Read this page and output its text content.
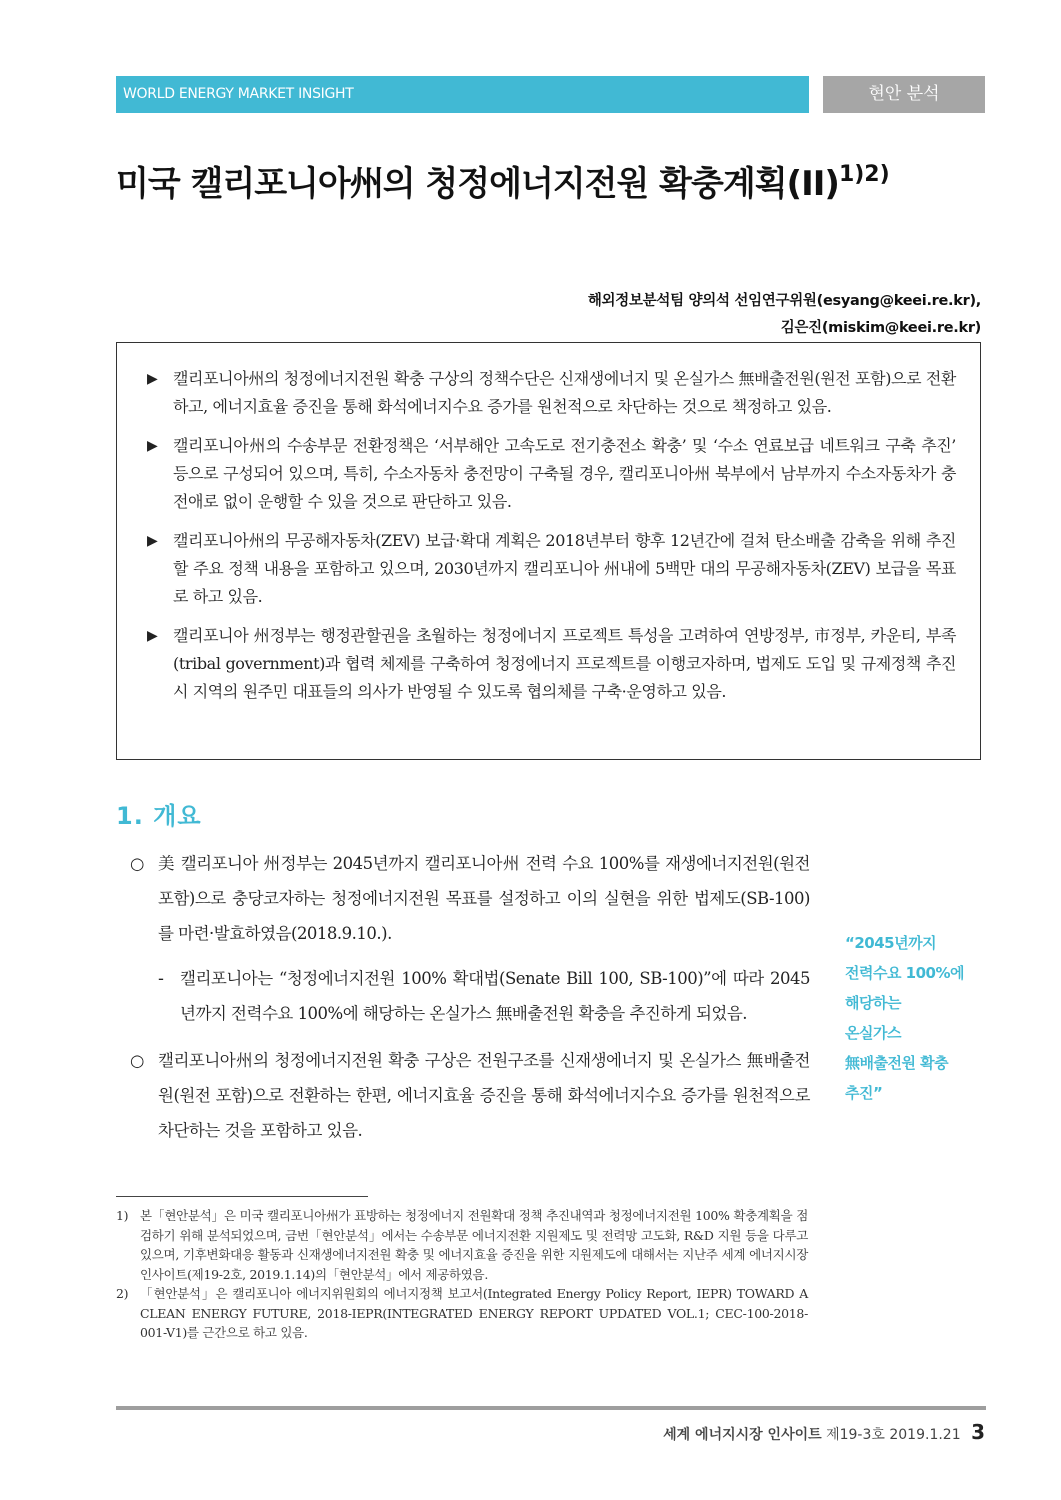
WORLD ENERGY MARKET INSIGHT	현안 분석
미국 캘리포니아州의 청정에너지전원 확충계획(II)$^{1)2)}$
해외정보분석팀 양의석 선임연구위원(esyang@keei.re.kr),
김은진(miskim@keei.re.kr)
▶ 캘리포니아州의 청정에너지전원 확충 구상의 정책수단은 신재생에너지 및 온실가스 無배출전원(원전 포함)으로 전환하고, 에너지효율 증진을 통해 화석에너지수요 증가를 원천적으로 차단하는 것으로 책정하고 있음.
▶ 캘리포니아州의 수송부문 전환정책은 ‘서부해안 고속도로 전기충전소 확충’ 및 ‘수소 연료보급 네트워크 구축 추진’ 등으로 구성되어 있으며, 특히, 수소자동차 충전망이 구축될 경우, 캘리포니아州 북부에서 남부까지 수소자동차가 충전애로 없이 운행할 수 있을 것으로 판단하고 있음.
▶ 캘리포니아州의 무공해자동차(ZEV) 보급·확대 계획은 2018년부터 향후 12년간에 걸쳐 탄소배출 감축을 위해 추진할 주요 정책 내용을 포함하고 있으며, 2030년까지 캘리포니아 州내에 5백만 대의 무공해자동차(ZEV) 보급을 목표로 하고 있음.
▶ 캘리포니아 州정부는 행정관할권을 초월하는 청정에너지 프로젝트 특성을 고려하여 연방정부, 市정부, 카운티, 부족(tribal government)과 협력 체제를 구축하여 청정에너지 프로젝트를 이행코자하며, 법제도 도입 및 규제정책 추진 시 지역의 원주민 대표들의 의사가 반영될 수 있도록 협의체를 구축·운영하고 있음.
1. 개요
○ 美 캘리포니아 州정부는 2045년까지 캘리포니아州 전력 수요 100%를 재생에너지전원(원전 포함)으로 충당코자하는 청정에너지전원 목표를 설정하고 이의 실현을 위한 법제도(SB-100)를 마련·발효하였음(2018.9.10.).
- 캘리포니아는 “청정에너지전원 100% 확대법(Senate Bill 100, SB-100)”에 따라 2045년까지 전력수요 100%에 해당하는 온실가스 無배출전원 확충을 추진하게 되었음.
○ 캘리포니아州의 청정에너지전원 확충 구상은 전원구조를 신재생에너지 및 온실가스 無배출전원(원전 포함)으로 전환하는 한편, 에너지효율 증진을 통해 화석에너지수요 증가를 원천적으로 차단하는 것을 포함하고 있음.
“2045년까지
전력수요 100%에
해당하는
온실가스
無배출전원 확충
추진”
1) 본「현안분석」은 미국 캘리포니아州가 표방하는 청정에너지 전원확대 정책 추진내역과 청정에너지전원 100% 확충계획을 점검하기 위해 분석되었으며, 금번「현안분석」에서는 수송부문 에너지전환 지원제도 및 전력망 고도화, R&D 지원 등을 다루고 있으며, 기후변화대응 활동과 신재생에너지전원 확충 및 에너지효율 증진을 위한 지원제도에 대해서는 지난주 세계 에너지시장 인사이트(제19-2호, 2019.1.14)의「현안분석」에서 제공하였음.
2) 「현안분석」은 캘리포니아 에너지위원회의 에너지정책 보고서(Integrated Energy Policy Report, IEPR) TOWARD A CLEAN ENERGY FUTURE, 2018-IEPR(INTEGRATED ENERGY REPORT UPDATED VOL.1; CEC-100-2018-001-V1)를 근간으로 하고 있음.
세계 에너지시장 인사이트 제19-3호 2019.1.21 3
